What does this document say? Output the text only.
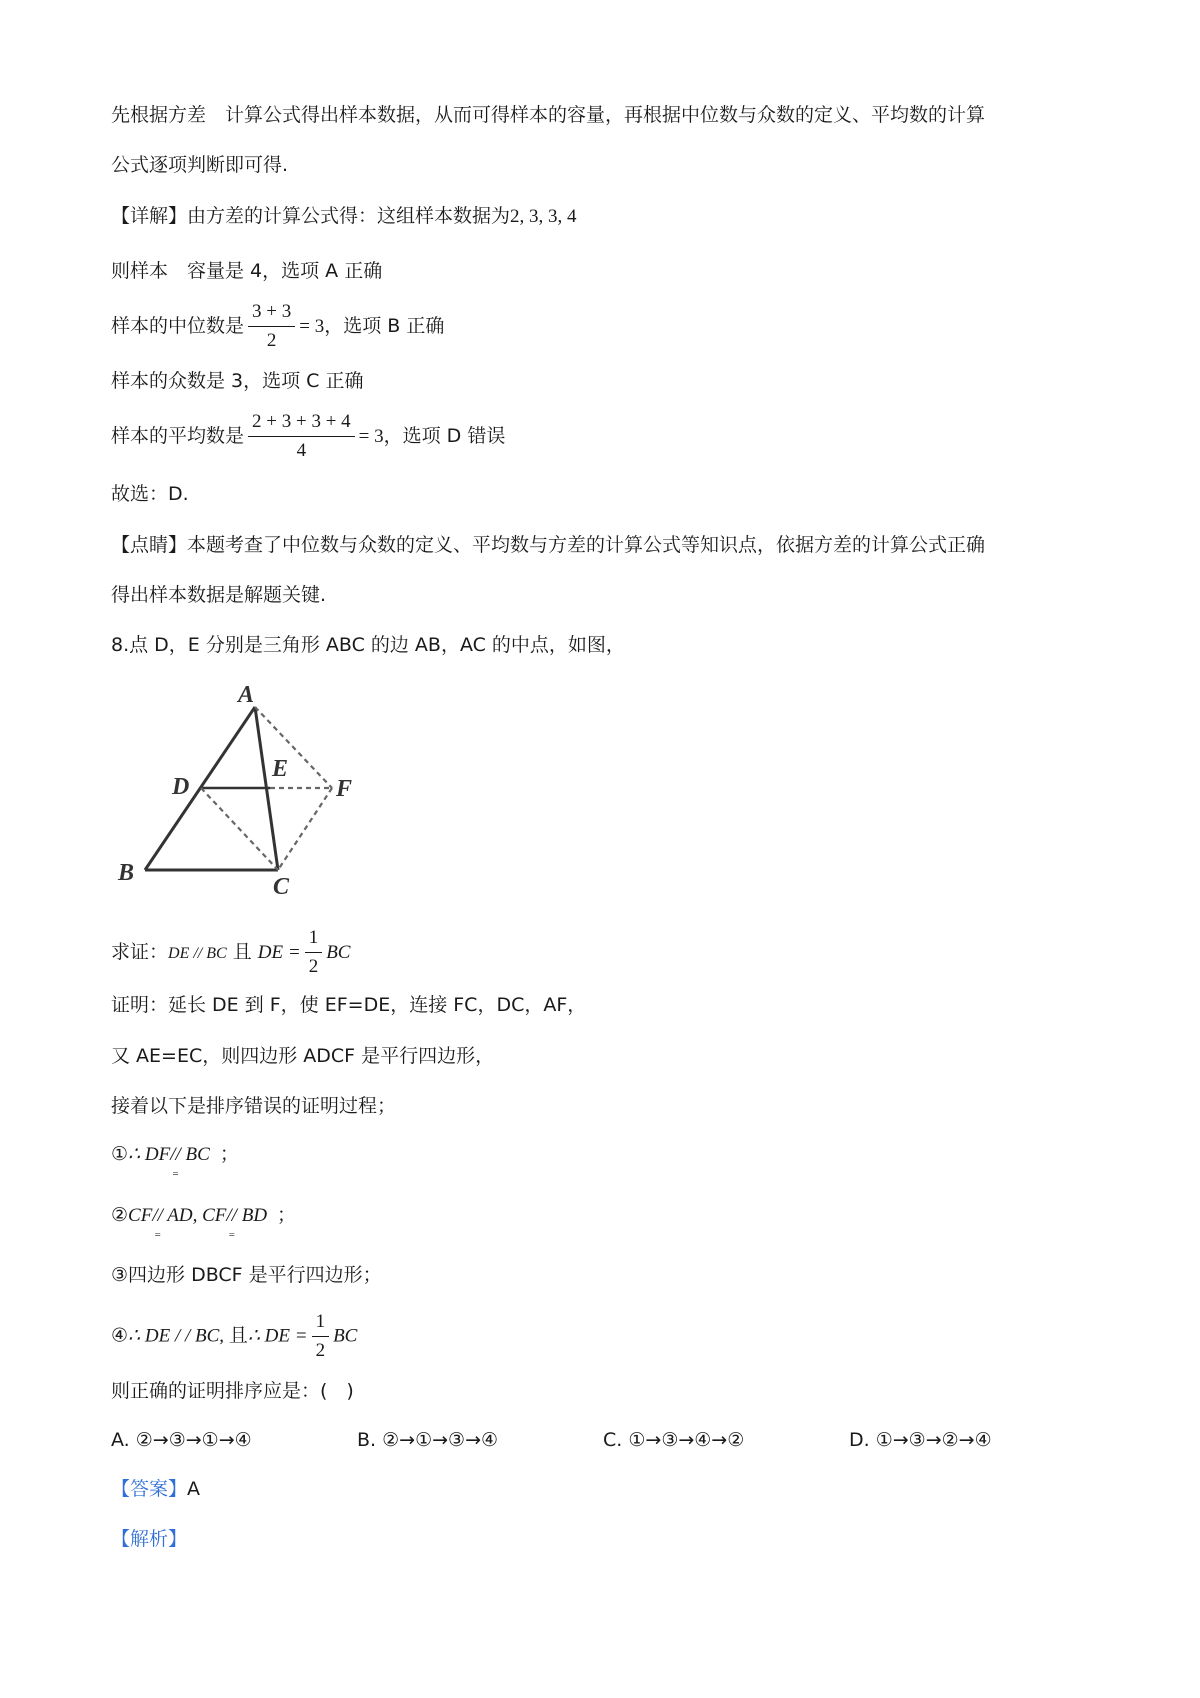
先根据方差　计算公式得出样本数据，从而可得样本的容量，再根据中位数与众数的定义、平均数的计算
公式逐项判断即可得.
【详解】由方差的计算公式得：这组样本数据为2, 3, 3, 4
则样本　容量是 4，选项 A 正确
样本的中位数是 $\frac{3 + 3}{2} = 3$，选项 B 正确
样本的众数是 3，选项 C 正确
样本的平均数是 $\frac{2 + 3 + 3 + 4}{4} = 3$，选项 D 错误
故选：D.
【点睛】本题考查了中位数与众数的定义、平均数与方差的计算公式等知识点，依据方差的计算公式正确
得出样本数据是解题关键.
8.点 D，E 分别是三角形 ABC 的边 AB，AC 的中点，如图，
A
B
C
D
E
F
求证：DE // BC 且 DE = $\frac{1}{2}$ BC
证明：延长 DE 到 F，使 EF=DE，连接 FC，DC，AF，
又 AE=EC，则四边形 ADCF 是平行四边形，
接着以下是排序错误的证明过程；
①∴ DF//
=
BC ；
②CF//
=
AD, CF//
=
BD ；
③四边形 DBCF 是平行四边形；
④∴ DE / / BC, 且∴ DE = $\frac{1}{2}$ BC
则正确的证明排序应是：(　)
A. ②→③→①→④	B. ②→①→③→④	C. ①→③→④→②	D. ①→③→②→④
【答案】A
【解析】
